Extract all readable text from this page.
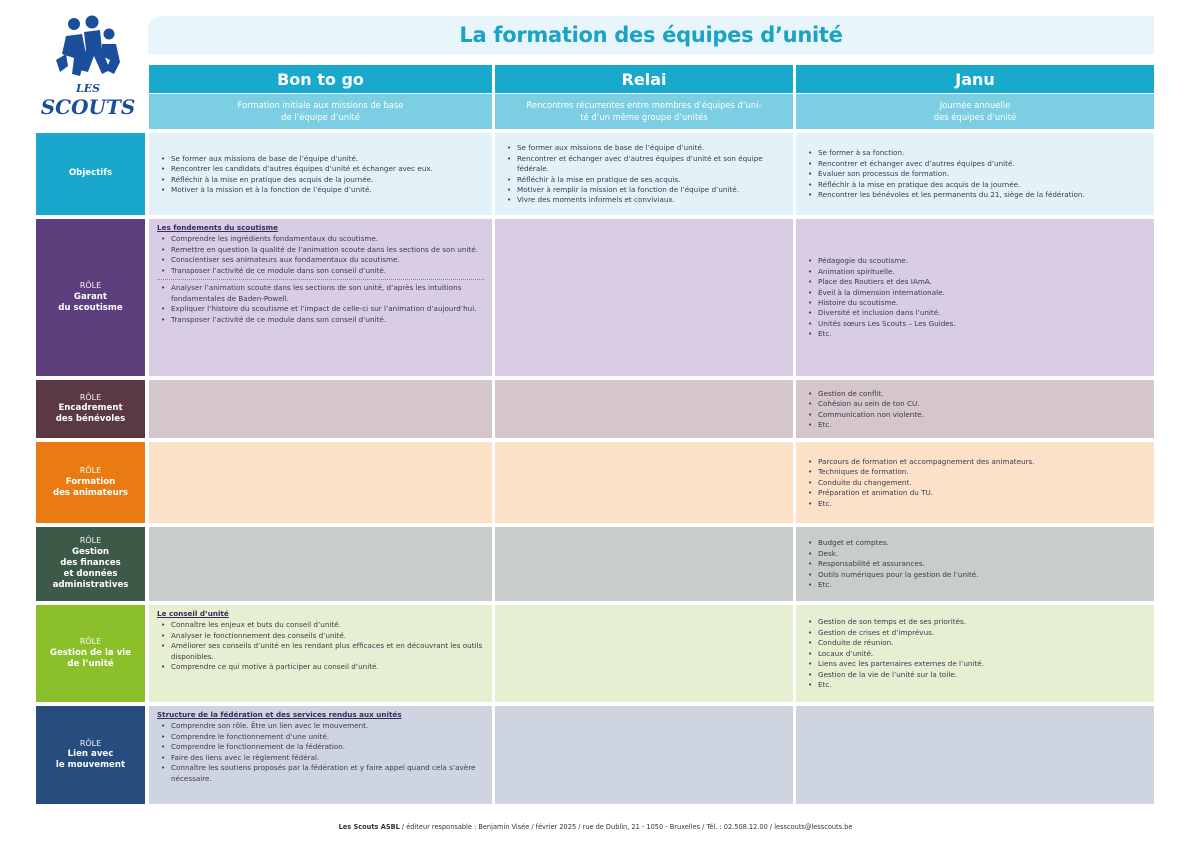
LES
SCOUTS
La formation des équipes d’unité
Bon to go	Relai	Janu
Formation initiale aux missions de base
de l’équipe d’unité
Rencontres récurrentes entre membres d’équipes d’uni-
té d’un même groupe d’unités
Journée annuelle
des équipes d’unité
Objectifs
• Se former aux missions de base de l’équipe d’unité.
• Rencontrer les candidats d’autres équipes d’unité et échanger avec eux.
• Réfléchir à la mise en pratique des acquis de la journée.
• Motiver à la mission et à la fonction de l’équipe d’unité.
• Se former aux missions de base de l’équipe d’unité.
• Rencontrer et échanger avec d’autres équipes d’unité et son équipe fédérale.
• Réfléchir à la mise en pratique de ses acquis.
• Motiver à remplir la mission et la fonction de l’équipe d’unité.
• Vivre des moments informels et conviviaux.
• Se former à sa fonction.
• Rencontrer et échanger avec d’autres équipes d’unité.
• Évaluer son processus de formation.
• Réfléchir à la mise en pratique des acquis de la journée.
• Rencontrer les bénévoles et les permanents du 21, siège de la fédération.
RÔLE
Garant
du scoutisme
Les fondements du scoutisme
• Comprendre les ingrédients fondamentaux du scoutisme.
• Remettre en question la qualité de l’animation scoute dans les sections de son unité.
• Conscientiser ses animateurs aux fondamentaux du scoutisme.
• Transposer l’activité de ce module dans son conseil d’unité.
• Analyser l’animation scoute dans les sections de son unité, d’après les intuitions fondamentales de Baden-Powell.
• Expliquer l’histoire du scoutisme et l’impact de celle-ci sur l’animation d’aujourd’hui.
• Transposer l’activité de ce module dans son conseil d’unité.
• Pédagogie du scoutisme.
• Animation spirituelle.
• Place des Routiers et des IAmA.
• Éveil à la dimension internationale.
• Histoire du scoutisme.
• Diversité et inclusion dans l’unité.
• Unités sœurs Les Scouts – Les Guides.
• Etc.
RÔLE
Encadrement
des bénévoles
• Gestion de conflit.
• Cohésion au sein de ton CU.
• Communication non violente.
• Etc.
RÔLE
Formation
des animateurs
• Parcours de formation et accompagnement des animateurs.
• Techniques de formation.
• Conduite du changement.
• Préparation et animation du TU.
• Etc.
RÔLE
Gestion
des finances
et données
administratives
• Budget et comptes.
• Desk.
• Responsabilité et assurances.
• Outils numériques pour la gestion de l’unité.
• Etc.
RÔLE
Gestion de la vie
de l’unité
Le conseil d’unité
• Connaître les enjeux et buts du conseil d’unité.
• Analyser le fonctionnement des conseils d’unité.
• Améliorer ses conseils d’unité en les rendant plus efficaces et en découvrant les outils disponibles.
• Comprendre ce qui motive à participer au conseil d’unité.
• Gestion de son temps et de ses priorités.
• Gestion de crises et d’imprévus.
• Conduite de réunion.
• Locaux d’unité.
• Liens avec les partenaires externes de l’unité.
• Gestion de la vie de l’unité sur la toile.
• Etc.
RÔLE
Lien avec
le mouvement
Structure de la fédération et des services rendus aux unités
• Comprendre son rôle. Être un lien avec le mouvement.
• Comprendre le fonctionnement d’une unité.
• Comprendre le fonctionnement de la fédération.
• Faire des liens avec le règlement fédéral.
• Connaître les soutiens proposés par la fédération et y faire appel quand cela s’avère nécessaire.
Les Scouts ASBL / éditeur responsable : Benjamin Visée / février 2025 / rue de Dublin, 21 - 1050 - Bruxelles / Tél. : 02.508.12.00 / lesscouts@lesscouts.be
